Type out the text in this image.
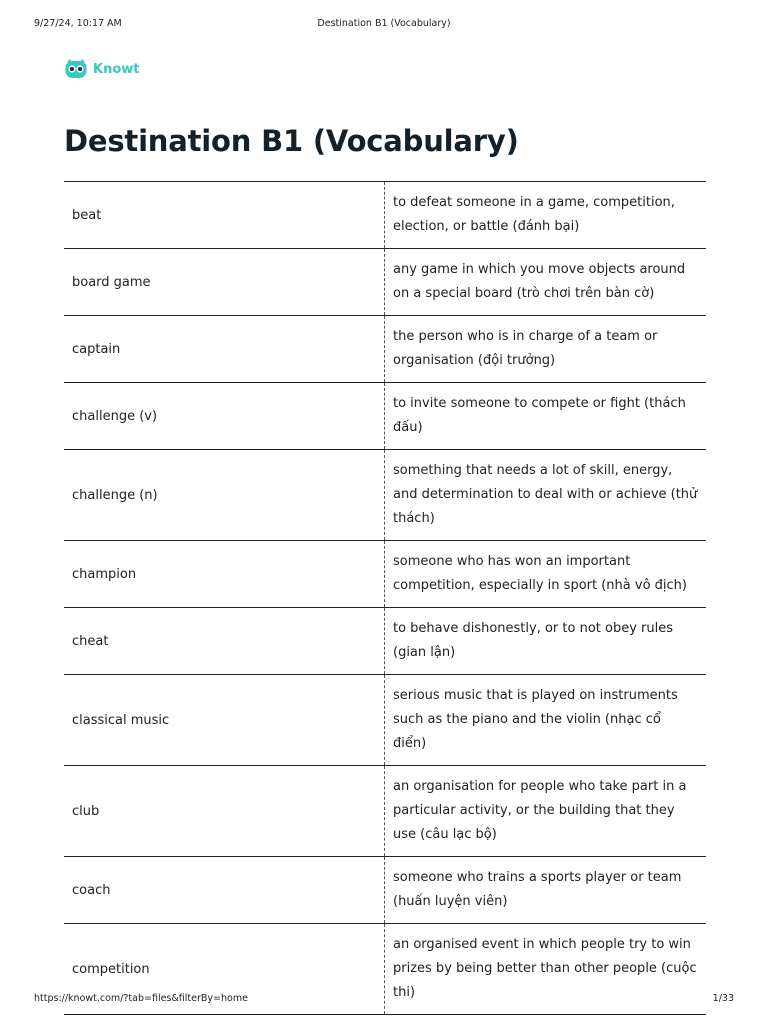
9/27/24, 10:17 AM	Destination B1 (Vocabulary)
Knowt
Destination B1 (Vocabulary)
beat
to defeat someone in a game, competition, election, or battle (đánh bại)
board game
any game in which you move objects around on a special board (trò chơi trên bàn cờ)
captain
the person who is in charge of a team or organisation (đội trưởng)
challenge (v)
to invite someone to compete or fight (thách đấu)
challenge (n)
something that needs a lot of skill, energy, and determination to deal with or achieve (thử thách)
champion
someone who has won an important competition, especially in sport (nhà vô địch)
cheat
to behave dishonestly, or to not obey rules (gian lận)
classical music
serious music that is played on instruments such as the piano and the violin (nhạc cổ điển)
club
an organisation for people who take part in a particular activity, or the building that they use (câu lạc bộ)
coach
someone who trains a sports player or team (huấn luyện viên)
competition
an organised event in which people try to win prizes by being better than other people (cuộc thi)
https://knowt.com/?tab=files&filterBy=home	1/33
